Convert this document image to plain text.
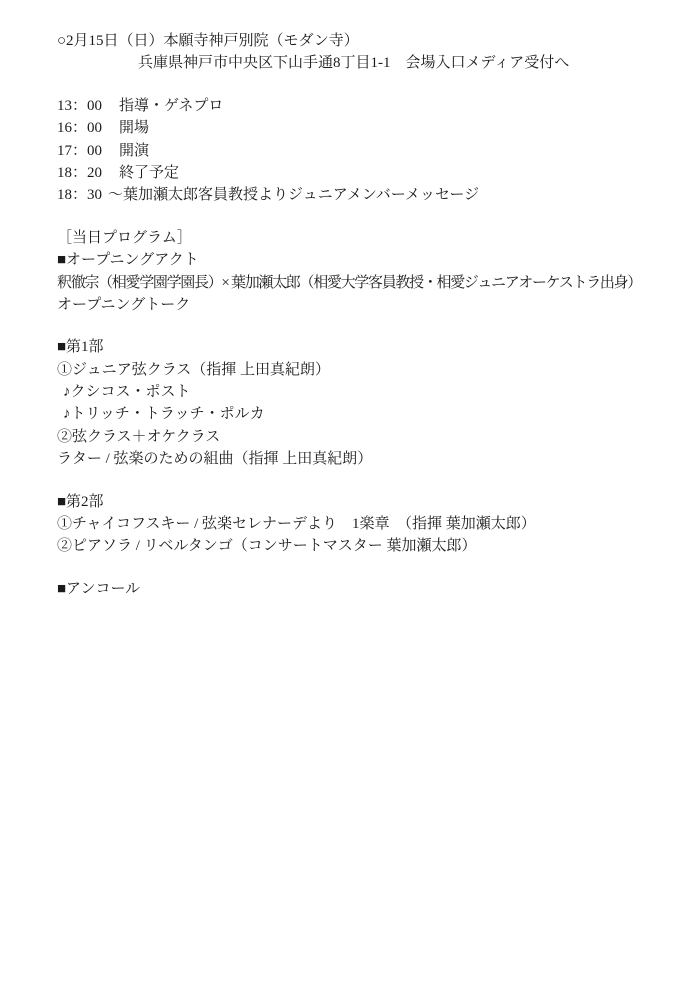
○2月15日（日）本願寺神戸別院（モダン寺）
兵庫県神戸市中央区下山手通8丁目1-1　会場入口メディア受付へ
13：00 指導・ゲネプロ
16：00 開場
17：00 開演
18：20 終了予定
18：30 ～葉加瀬太郎客員教授よりジュニアメンバーメッセージ
［当日プログラム］
■オープニングアクト
釈徹宗（相愛学園学園長）× 葉加瀬太郎（相愛大学客員教授・相愛ジュニアオーケストラ出身）
オープニングトーク
■第1部
①ジュニア弦クラス（指揮 上田真紀朗）
♪クシコス・ポスト
♪トリッチ・トラッチ・ポルカ
②弦クラス＋オケクラス
ラター / 弦楽のための組曲（指揮 上田真紀朗）
■第2部
①チャイコフスキー / 弦楽セレナーデより　1楽章　（指揮 葉加瀬太郎）
②ピアソラ / リベルタンゴ（コンサートマスター 葉加瀬太郎）
■アンコール
